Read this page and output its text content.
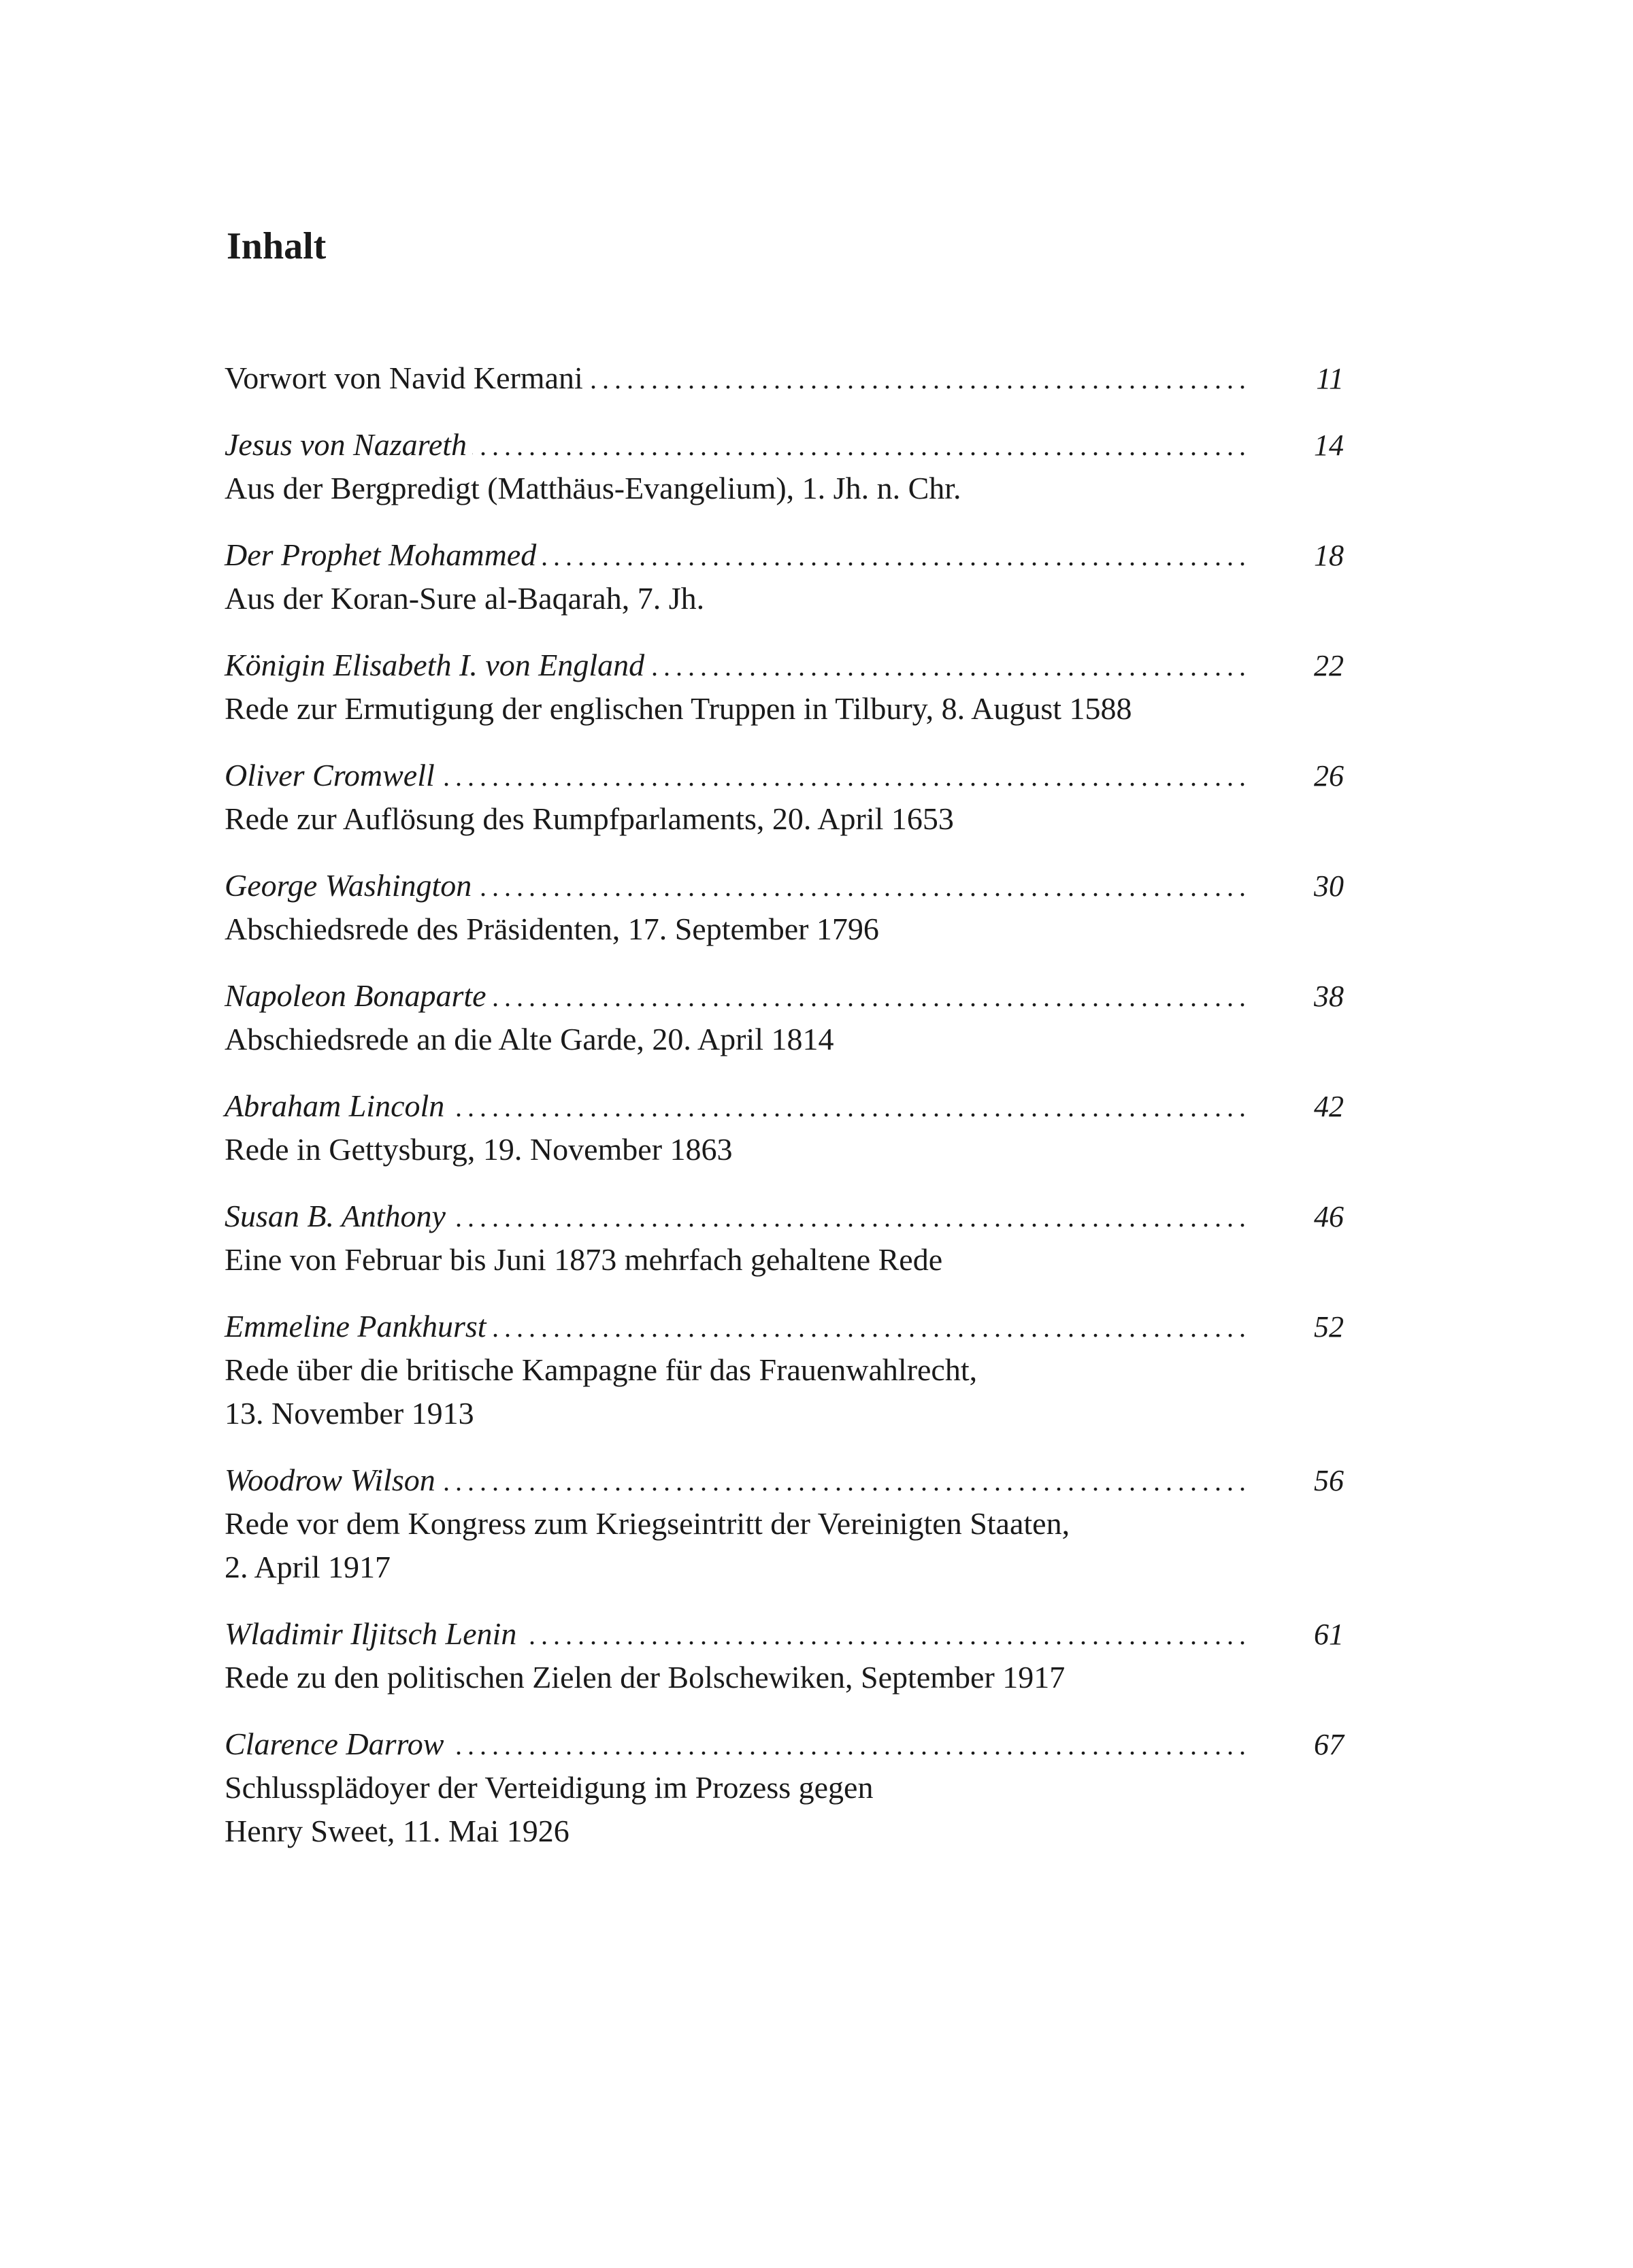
Inhalt
Vorwort von Navid Kermani . . .	11
Jesus von Nazareth . . .	14
Aus der Bergpredigt (Matthäus-Evangelium), 1. Jh. n. Chr.
Der Prophet Mohammed . . .	18
Aus der Koran-Sure al-Baqarah, 7. Jh.
Königin Elisabeth I. von England . . .	22
Rede zur Ermutigung der englischen Truppen in Tilbury, 8. August 1588
Oliver Cromwell . . .	26
Rede zur Auflösung des Rumpfparlaments, 20. April 1653
George Washington . . .	30
Abschiedsrede des Präsidenten, 17. September 1796
Napoleon Bonaparte . . .	38
Abschiedsrede an die Alte Garde, 20. April 1814
Abraham Lincoln . . .	42
Rede in Gettysburg, 19. November 1863
Susan B. Anthony . . .	46
Eine von Februar bis Juni 1873 mehrfach gehaltene Rede
Emmeline Pankhurst . . .	52
Rede über die britische Kampagne für das Frauenwahlrecht,
13. November 1913
Woodrow Wilson . . .	56
Rede vor dem Kongress zum Kriegseintritt der Vereinigten Staaten,
2. April 1917
Wladimir Iljitsch Lenin . . .	61
Rede zu den politischen Zielen der Bolschewiken, September 1917
Clarence Darrow . . .	67
Schlussplädoyer der Verteidigung im Prozess gegen
Henry Sweet, 11. Mai 1926
